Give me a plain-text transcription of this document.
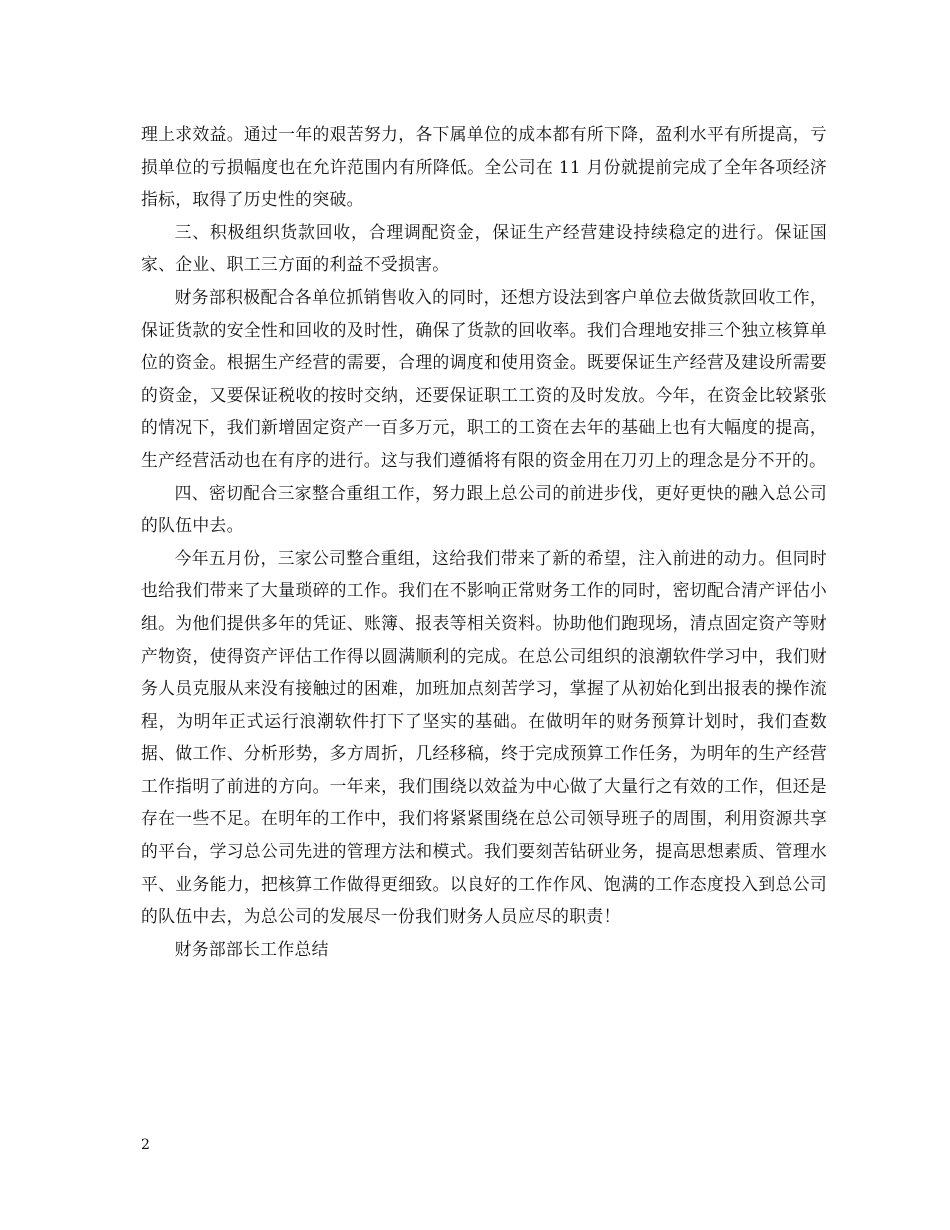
理上求效益。通过一年的艰苦努力，各下属单位的成本都有所下降，盈利水平有所提高，亏损单位的亏损幅度也在允许范围内有所降低。全公司在 11 月份就提前完成了全年各项经济指标，取得了历史性的突破。

三、积极组织货款回收，合理调配资金，保证生产经营建设持续稳定的进行。保证国家、企业、职工三方面的利益不受损害。

财务部积极配合各单位抓销售收入的同时，还想方设法到客户单位去做货款回收工作，保证货款的安全性和回收的及时性，确保了货款的回收率。我们合理地安排三个独立核算单位的资金。根据生产经营的需要，合理的调度和使用资金。既要保证生产经营及建设所需要的资金，又要保证税收的按时交纳，还要保证职工工资的及时发放。今年，在资金比较紧张的情况下，我们新增固定资产一百多万元，职工的工资在去年的基础上也有大幅度的提高，生产经营活动也在有序的进行。这与我们遵循将有限的资金用在刀刃上的理念是分不开的。

四、密切配合三家整合重组工作，努力跟上总公司的前进步伐，更好更快的融入总公司的队伍中去。

今年五月份，三家公司整合重组，这给我们带来了新的希望，注入前进的动力。但同时也给我们带来了大量琐碎的工作。我们在不影响正常财务工作的同时，密切配合清产评估小组。为他们提供多年的凭证、账簿、报表等相关资料。协助他们跑现场，清点固定资产等财产物资，使得资产评估工作得以圆满顺利的完成。在总公司组织的浪潮软件学习中，我们财务人员克服从来没有接触过的困难，加班加点刻苦学习，掌握了从初始化到出报表的操作流程，为明年正式运行浪潮软件打下了坚实的基础。在做明年的财务预算计划时，我们查数据、做工作、分析形势，多方周折，几经移稿，终于完成预算工作任务，为明年的生产经营工作指明了前进的方向。一年来，我们围绕以效益为中心做了大量行之有效的工作，但还是存在一些不足。在明年的工作中，我们将紧紧围绕在总公司领导班子的周围，利用资源共享的平台，学习总公司先进的管理方法和模式。我们要刻苦钻研业务，提高思想素质、管理水平、业务能力，把核算工作做得更细致。以良好的工作作风、饱满的工作态度投入到总公司的队伍中去，为总公司的发展尽一份我们财务人员应尽的职责！

财务部部长工作总结

2
